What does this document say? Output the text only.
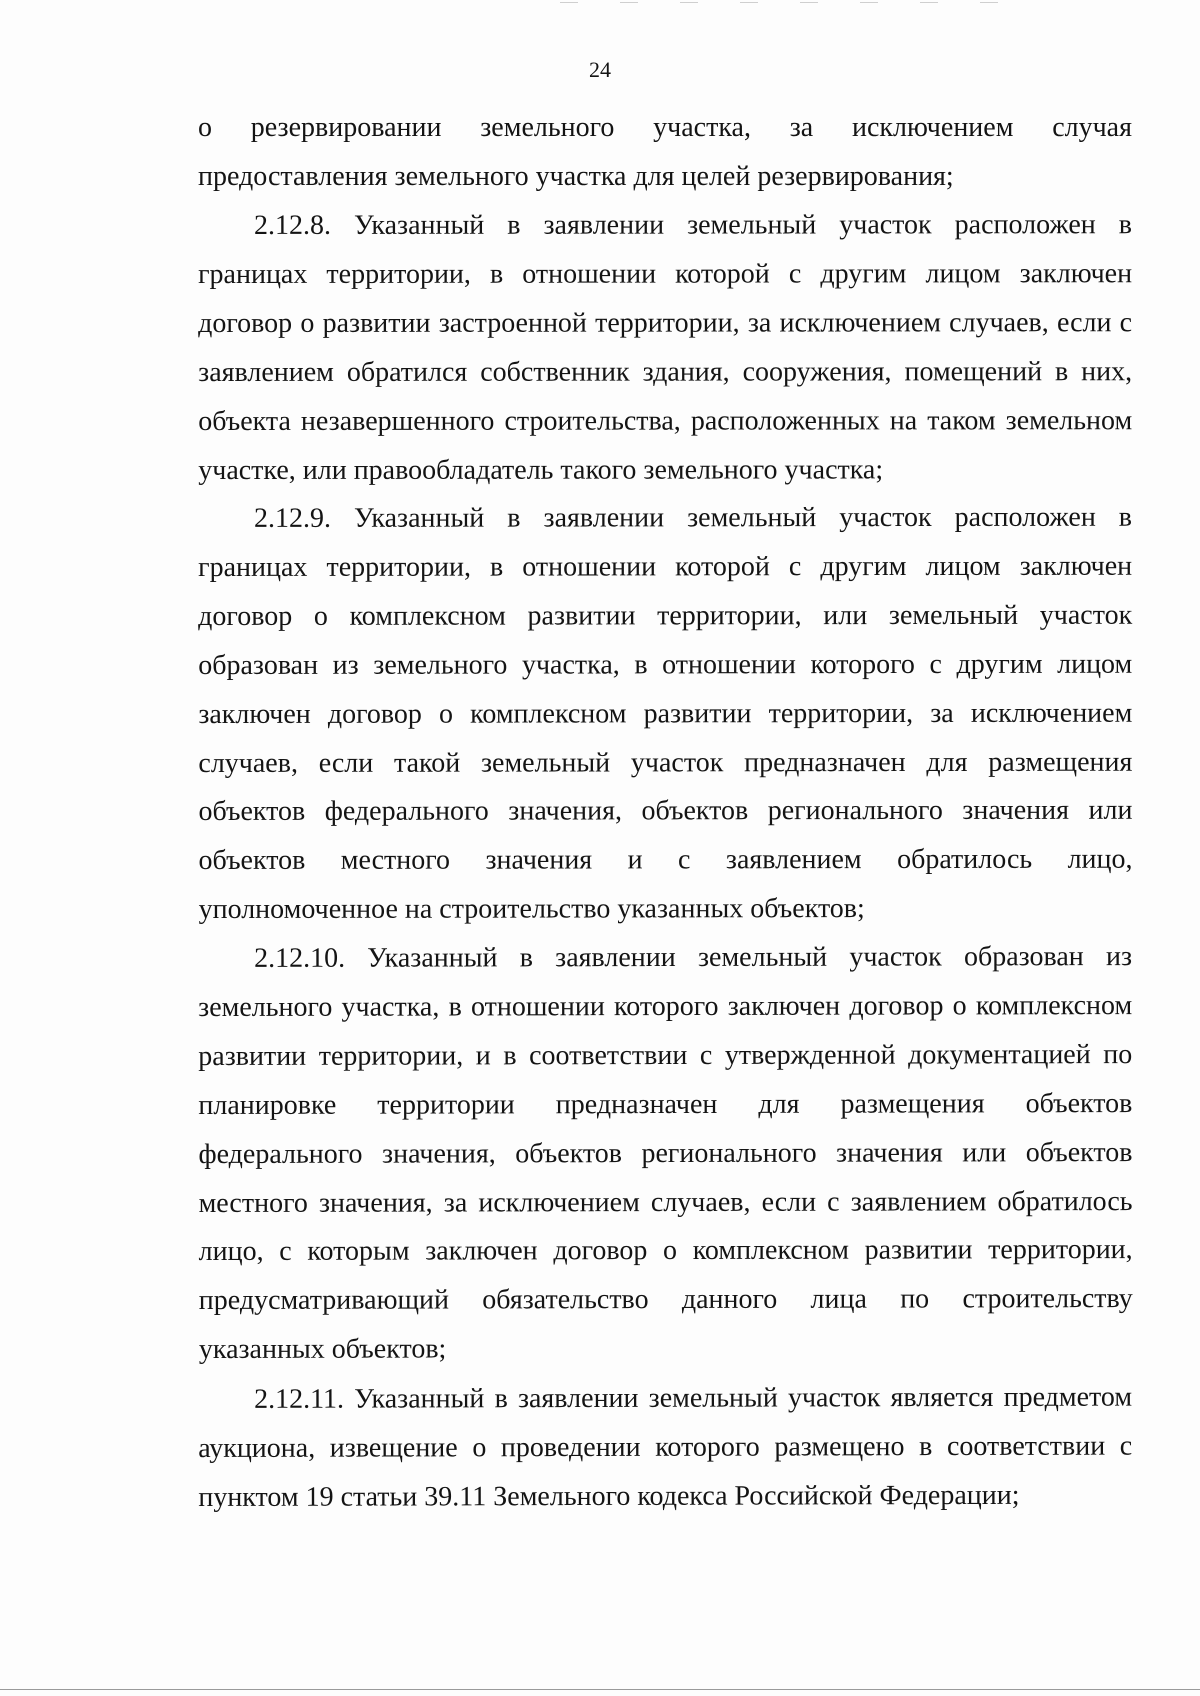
24

о резервировании земельного участка, за исключением случая предоставления земельного участка для целей резервирования;

2.12.8. Указанный в заявлении земельный участок расположен в границах территории, в отношении которой с другим лицом заключен договор о развитии застроенной территории, за исключением случаев, если с заявлением обратился собственник здания, сооружения, помещений в них, объекта незавершенного строительства, расположенных на таком земельном участке, или правообладатель такого земельного участка;

2.12.9. Указанный в заявлении земельный участок расположен в границах территории, в отношении которой с другим лицом заключен договор о комплексном развитии территории, или земельный участок образован из земельного участка, в отношении которого с другим лицом заключен договор о комплексном развитии территории, за исключением случаев, если такой земельный участок предназначен для размещения объектов федерального значения, объектов регионального значения или объектов местного значения и с заявлением обратилось лицо, уполномоченное на строительство указанных объектов;

2.12.10. Указанный в заявлении земельный участок образован из земельного участка, в отношении которого заключен договор о комплексном развитии территории, и в соответствии с утвержденной документацией по планировке территории предназначен для размещения объектов федерального значения, объектов регионального значения или объектов местного значения, за исключением случаев, если с заявлением обратилось лицо, с которым заключен договор о комплексном развитии территории, предусматривающий обязательство данного лица по строительству указанных объектов;

2.12.11. Указанный в заявлении земельный участок является предметом аукциона, извещение о проведении которого размещено в соответствии с пунктом 19 статьи 39.11 Земельного кодекса Российской Федерации;
